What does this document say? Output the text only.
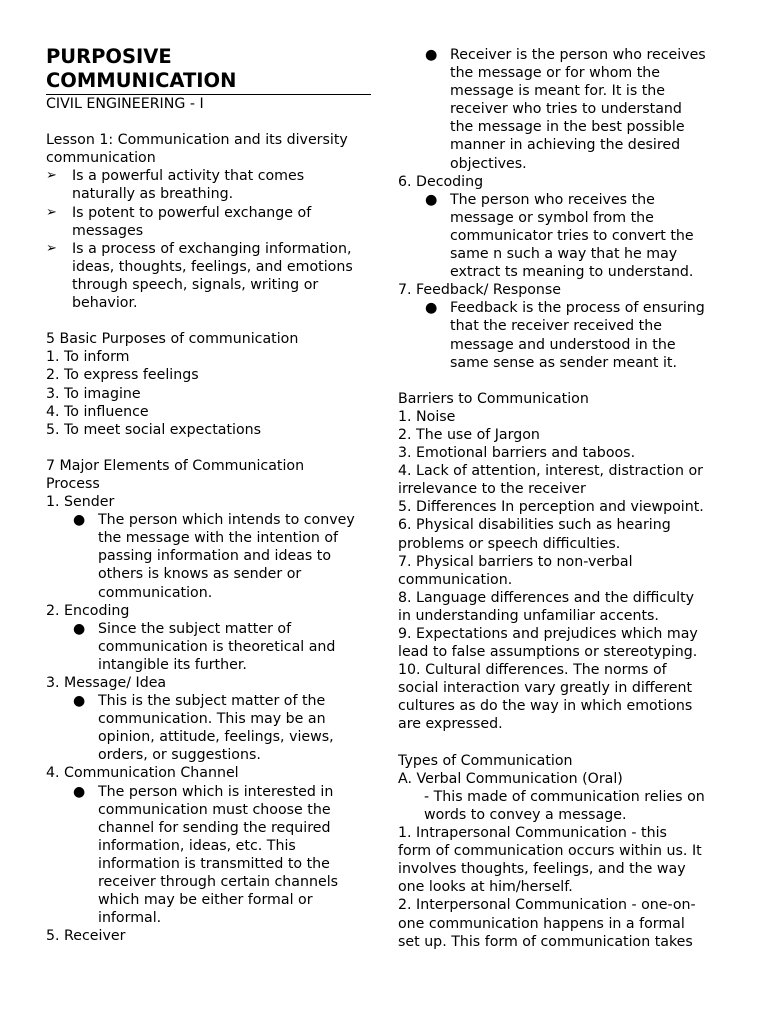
PURPOSIVE
COMMUNICATION
CIVIL ENGINEERING - I
Lesson 1: Communication and its diversity
communication
➢ Is a powerful activity that comes
naturally as breathing.
➢ Is potent to powerful exchange of
messages
➢ Is a process of exchanging information,
ideas, thoughts, feelings, and emotions
through speech, signals, writing or
behavior.
5 Basic Purposes of communication
1. To inform
2. To express feelings
3. To imagine
4. To influence
5. To meet social expectations
7 Major Elements of Communication
Process
1. Sender
● The person which intends to convey
the message with the intention of
passing information and ideas to
others is knows as sender or
communication.
2. Encoding
● Since the subject matter of
communication is theoretical and
intangible its further.
3. Message/ Idea
● This is the subject matter of the
communication. This may be an
opinion, attitude, feelings, views,
orders, or suggestions.
4. Communication Channel
● The person which is interested in
communication must choose the
channel for sending the required
information, ideas, etc. This
information is transmitted to the
receiver through certain channels
which may be either formal or
informal.
5. Receiver
● Receiver is the person who receives
the message or for whom the
message is meant for. It is the
receiver who tries to understand
the message in the best possible
manner in achieving the desired
objectives.
6. Decoding
● The person who receives the
message or symbol from the
communicator tries to convert the
same n such a way that he may
extract ts meaning to understand.
7. Feedback/ Response
● Feedback is the process of ensuring
that the receiver received the
message and understood in the
same sense as sender meant it.
Barriers to Communication
1. Noise
2. The use of Jargon
3. Emotional barriers and taboos.
4. Lack of attention, interest, distraction or
irrelevance to the receiver
5. Differences In perception and viewpoint.
6. Physical disabilities such as hearing
problems or speech difficulties.
7. Physical barriers to non-verbal
communication.
8. Language differences and the difficulty
in understanding unfamiliar accents.
9. Expectations and prejudices which may
lead to false assumptions or stereotyping.
10. Cultural differences. The norms of
social interaction vary greatly in different
cultures as do the way in which emotions
are expressed.
Types of Communication
A. Verbal Communication (Oral)
- This made of communication relies on
words to convey a message.
1. Intrapersonal Communication - this
form of communication occurs within us. It
involves thoughts, feelings, and the way
one looks at him/herself.
2. Interpersonal Communication - one-on-
one communication happens in a formal
set up. This form of communication takes
